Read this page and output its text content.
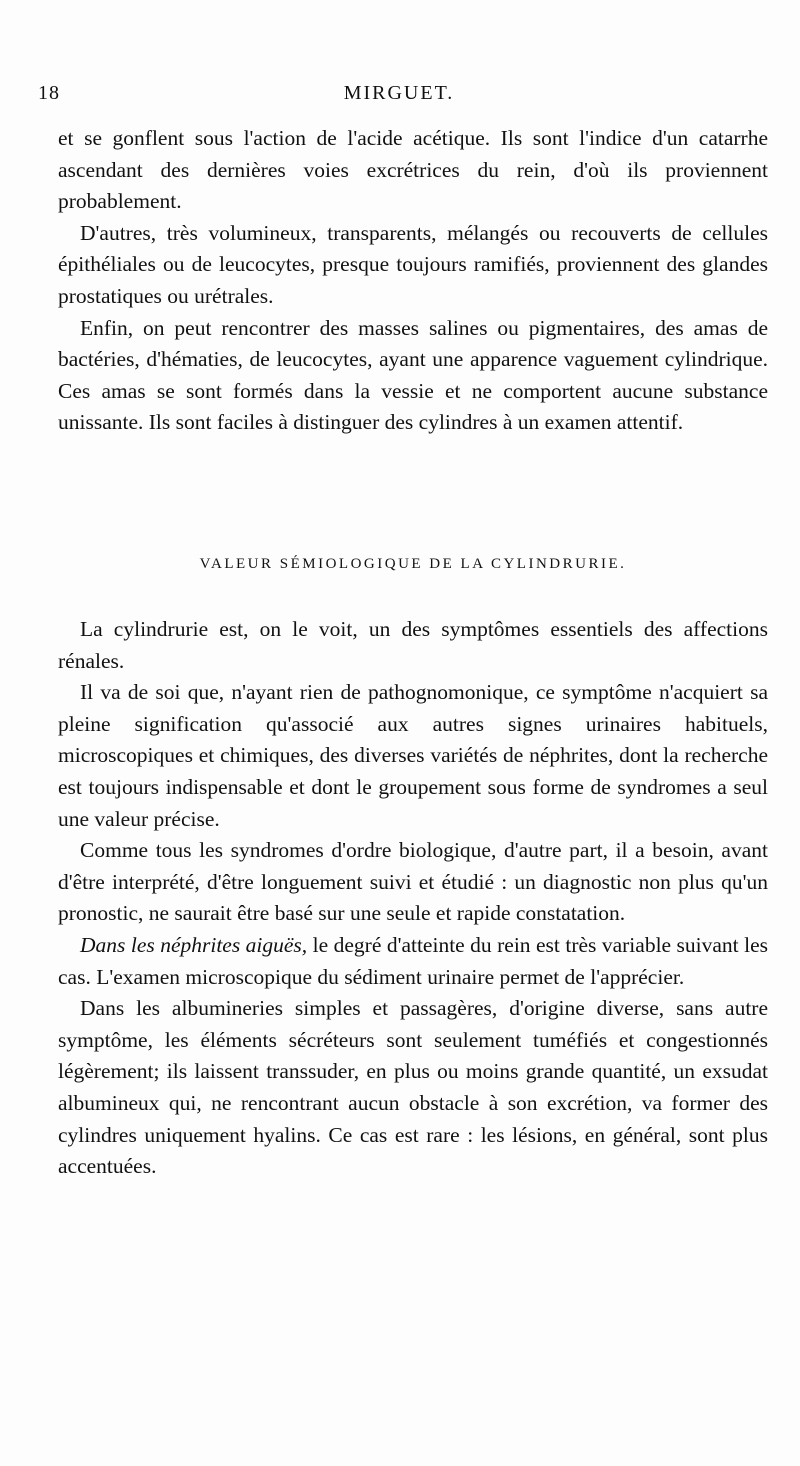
18	MIRGUET.

et se gonflent sous l'action de l'acide acétique. Ils sont l'indice d'un catarrhe ascendant des dernières voies excrétrices du rein, d'où ils proviennent probablement.

D'autres, très volumineux, transparents, mélangés ou recouverts de cellules épithéliales ou de leucocytes, presque toujours ramifiés, proviennent des glandes prostatiques ou urétrales.

Enfin, on peut rencontrer des masses salines ou pigmentaires, des amas de bactéries, d'hématies, de leucocytes, ayant une apparence vaguement cylindrique. Ces amas se sont formés dans la vessie et ne comportent aucune substance unissante. Ils sont faciles à distinguer des cylindres à un examen attentif.

VALEUR SÉMIOLOGIQUE DE LA CYLINDRURIE.

La cylindrurie est, on le voit, un des symptômes essentiels des affections rénales.

Il va de soi que, n'ayant rien de pathognomonique, ce symptôme n'acquiert sa pleine signification qu'associé aux autres signes urinaires habituels, microscopiques et chimiques, des diverses variétés de néphrites, dont la recherche est toujours indispensable et dont le groupement sous forme de syndromes a seul une valeur précise.

Comme tous les syndromes d'ordre biologique, d'autre part, il a besoin, avant d'être interprété, d'être longuement suivi et étudié : un diagnostic non plus qu'un pronostic, ne saurait être basé sur une seule et rapide constatation.

Dans les néphrites aiguës, le degré d'atteinte du rein est très variable suivant les cas. L'examen microscopique du sédiment urinaire permet de l'apprécier.

Dans les albumineries simples et passagères, d'origine diverse, sans autre symptôme, les éléments sécréteurs sont seulement tuméfiés et congestionnés légèrement; ils laissent transsuder, en plus ou moins grande quantité, un exsudat albumineux qui, ne rencontrant aucun obstacle à son excrétion, va former des cylindres uniquement hyalins. Ce cas est rare : les lésions, en général, sont plus accentuées.
